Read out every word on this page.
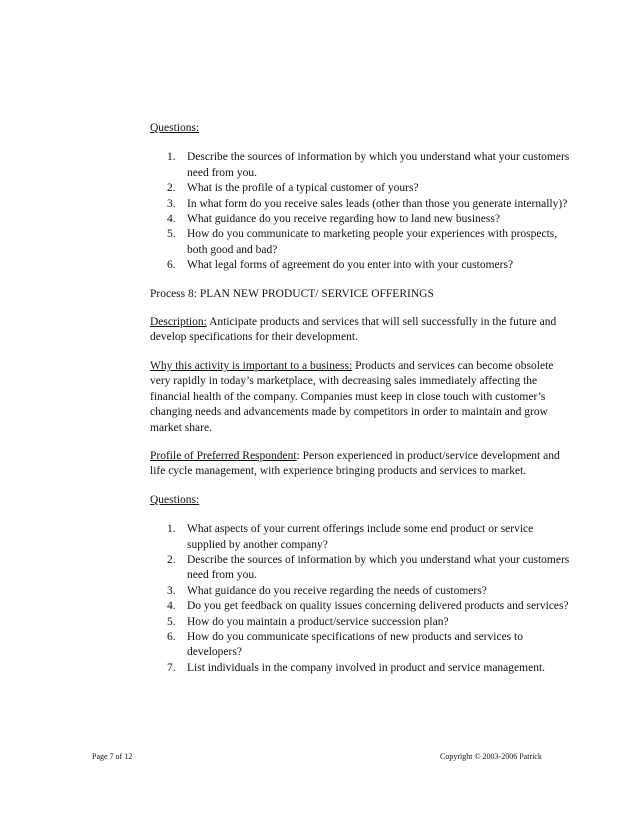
Questions:

1. Describe the sources of information by which you understand what your customers need from you.
2. What is the profile of a typical customer of yours?
3. In what form do you receive sales leads (other than those you generate internally)?
4. What guidance do you receive regarding how to land new business?
5. How do you communicate to marketing people your experiences with prospects, both good and bad?
6. What legal forms of agreement do you enter into with your customers?

Process 8: PLAN NEW PRODUCT/ SERVICE OFFERINGS

Description: Anticipate products and services that will sell successfully in the future and develop specifications for their development.

Why this activity is important to a business: Products and services can become obsolete very rapidly in today’s marketplace, with decreasing sales immediately affecting the financial health of the company. Companies must keep in close touch with customer’s changing needs and advancements made by competitors in order to maintain and grow market share.

Profile of Preferred Respondent: Person experienced in product/service development and life cycle management, with experience bringing products and services to market.

Questions:

1. What aspects of your current offerings include some end product or service supplied by another company?
2. Describe the sources of information by which you understand what your customers need from you.
3. What guidance do you receive regarding the needs of customers?
4. Do you get feedback on quality issues concerning delivered products and services?
5. How do you maintain a product/service succession plan?
6. How do you communicate specifications of new products and services to developers?
7. List individuals in the company involved in product and service management.
Page 7 of 12	Copyright © 2003-2006 Patrick
